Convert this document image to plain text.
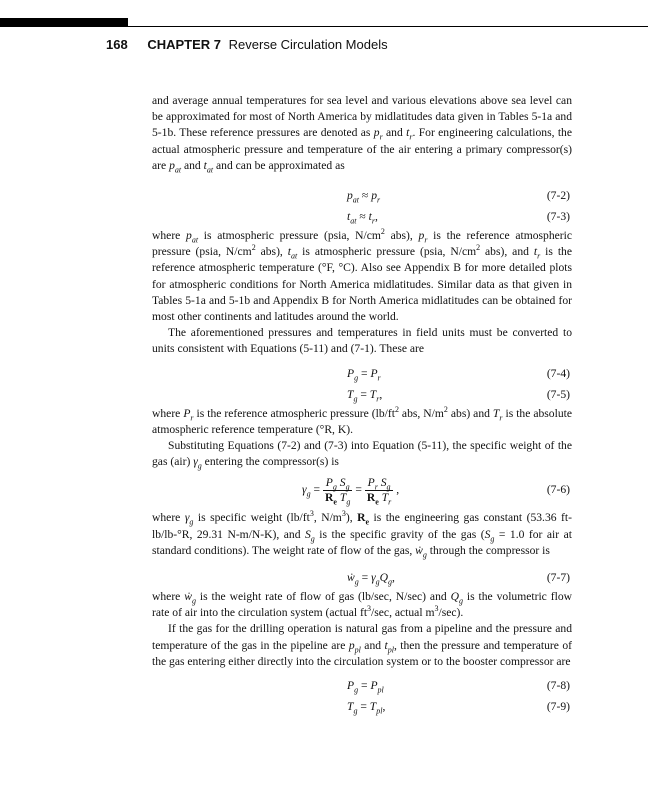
168 CHAPTER 7 Reverse Circulation Models

and average annual temperatures for sea level and various elevations above sea level can be approximated for most of North America by midlatitudes data given in Tables 5-1a and 5-1b. These reference pressures are denoted as $p_r$ and $t_r$. For engineering calculations, the actual atmospheric pressure and temperature of the air entering a primary compressor(s) are $p_{at}$ and $t_{at}$ and can be approximated as

$p_{at} \approx p_r$	(7-2)
$t_{at} \approx t_r$,	(7-3)

where $p_{at}$ is atmospheric pressure (psia, $N/cm^2$ abs), $p_r$ is the reference atmospheric pressure (psia, $N/cm^2$ abs), $t_{at}$ is atmospheric pressure (psia, $N/cm^2$ abs), and $t_r$ is the reference atmospheric temperature (°F, °C). Also see Appendix B for more detailed plots for atmospheric conditions for North America midlatitudes. Similar data as that given in Tables 5-1a and 5-1b and Appendix B for North America midlatitudes can be obtained for most other continents and latitudes around the world.

The aforementioned pressures and temperatures in field units must be converted to units consistent with Equations (5-11) and (7-1). These are

$P_g = P_r$	(7-4)
$T_g = T_r$,	(7-5)

where $P_r$ is the reference atmospheric pressure ($lb/ft^2$ abs, $N/m^2$ abs) and $T_r$ is the absolute atmospheric reference temperature (°R, K).

Substituting Equations (7-2) and (7-3) into Equation (5-11), the specific weight of the gas (air) $\gamma_g$ entering the compressor(s) is

$\gamma_g$ =
$P_g$ $S_g$
$R_e$ $T_g$
=
$P_r$ $S_g$
$R_e$ $T_r$
,	(7-6)

where $\gamma_g$ is specific weight ($lb/ft^3$, $N/m^3$), $R_e$ is the engineering gas constant (53.36 ft-lb/lb-°R, 29.31 N-m/N-K), and $S_g$ is the specific gravity of the gas ($S_g = 1.0$ for air at standard conditions). The weight rate of flow of the gas, ẇ$_g$ through the compressor is

ẇ$_g$ = $\gamma_gQ_g$,	(7-7)

where ẇ$_g$ is the weight rate of flow of gas (lb/sec, N/sec) and $Q_g$ is the volumetric flow rate of air into the circulation system (actual $ft^3/\sec$, actual $m^3/\sec$).

If the gas for the drilling operation is natural gas from a pipeline and the pressure and temperature of the gas in the pipeline are $p_{pl}$ and $t_{pl}$, then the pressure and temperature of the gas entering either directly into the circulation system or to the booster compressor are

$P_g = P_{pl}$	(7-8)
$T_g = T_{pl}$,	(7-9)
